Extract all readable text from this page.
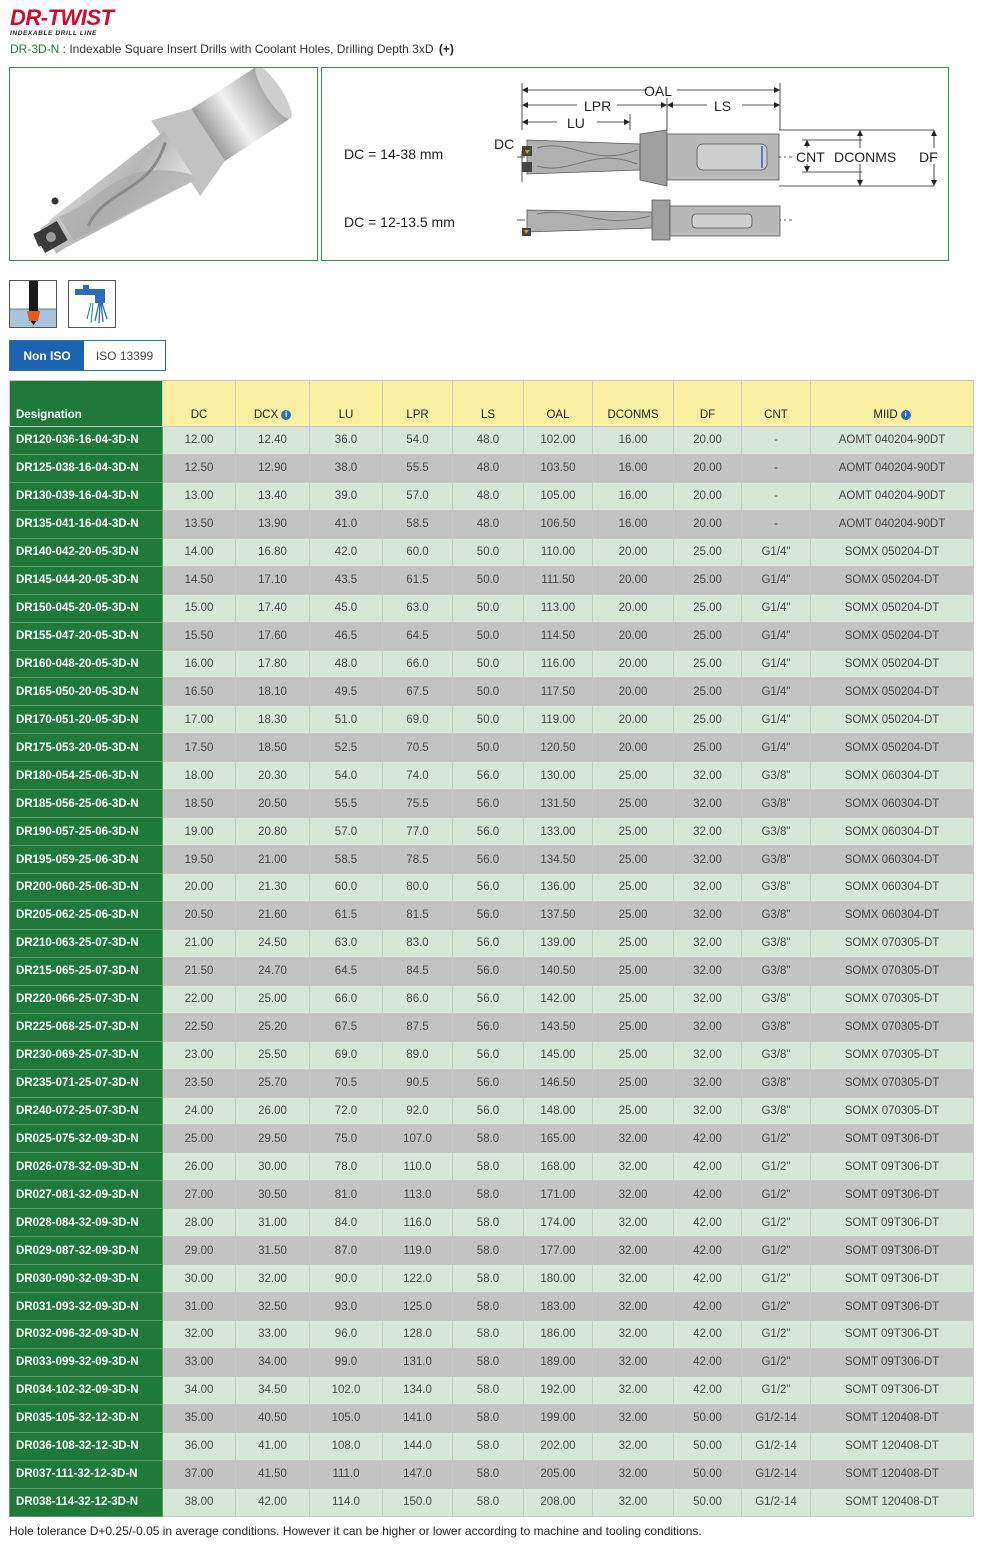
DR-TWIST
INDEXABLE DRILL LINE
DR-3D-N : Indexable Square Insert Drills with Coolant Holes, Drilling Depth 3xD (+)
DC = 14-38 mm
DC = 12-13.5 mm
OAL
LPR	LS
LU
DC
CNT DCONMS DF
Non ISO	ISO 13399
Designation	DC	DCX i	LU	LPR	LS	OAL	DCONMS	DF	CNT	MIID i
DR120-036-16-04-3D-N	12.00	12.40	36.0	54.0	48.0	102.00	16.00	20.00	-	AOMT 040204-90DT
DR125-038-16-04-3D-N	12.50	12.90	38.0	55.5	48.0	103.50	16.00	20.00	-	AOMT 040204-90DT
DR130-039-16-04-3D-N	13.00	13.40	39.0	57.0	48.0	105.00	16.00	20.00	-	AOMT 040204-90DT
DR135-041-16-04-3D-N	13.50	13.90	41.0	58.5	48.0	106.50	16.00	20.00	-	AOMT 040204-90DT
DR140-042-20-05-3D-N	14.00	16.80	42.0	60.0	50.0	110.00	20.00	25.00	G1/4"	SOMX 050204-DT
DR145-044-20-05-3D-N	14.50	17.10	43.5	61.5	50.0	111.50	20.00	25.00	G1/4"	SOMX 050204-DT
DR150-045-20-05-3D-N	15.00	17.40	45.0	63.0	50.0	113.00	20.00	25.00	G1/4"	SOMX 050204-DT
DR155-047-20-05-3D-N	15.50	17.60	46.5	64.5	50.0	114.50	20.00	25.00	G1/4"	SOMX 050204-DT
DR160-048-20-05-3D-N	16.00	17.80	48.0	66.0	50.0	116.00	20.00	25.00	G1/4"	SOMX 050204-DT
DR165-050-20-05-3D-N	16.50	18.10	49.5	67.5	50.0	117.50	20.00	25.00	G1/4"	SOMX 050204-DT
DR170-051-20-05-3D-N	17.00	18.30	51.0	69.0	50.0	119.00	20.00	25.00	G1/4"	SOMX 050204-DT
DR175-053-20-05-3D-N	17.50	18.50	52.5	70.5	50.0	120.50	20.00	25.00	G1/4"	SOMX 050204-DT
DR180-054-25-06-3D-N	18.00	20.30	54.0	74.0	56.0	130.00	25.00	32.00	G3/8"	SOMX 060304-DT
DR185-056-25-06-3D-N	18.50	20.50	55.5	75.5	56.0	131.50	25.00	32.00	G3/8"	SOMX 060304-DT
DR190-057-25-06-3D-N	19.00	20.80	57.0	77.0	56.0	133.00	25.00	32.00	G3/8"	SOMX 060304-DT
DR195-059-25-06-3D-N	19.50	21.00	58.5	78.5	56.0	134.50	25.00	32.00	G3/8"	SOMX 060304-DT
DR200-060-25-06-3D-N	20.00	21.30	60.0	80.0	56.0	136.00	25.00	32.00	G3/8"	SOMX 060304-DT
DR205-062-25-06-3D-N	20.50	21.60	61.5	81.5	56.0	137.50	25.00	32.00	G3/8"	SOMX 060304-DT
DR210-063-25-07-3D-N	21.00	24.50	63.0	83.0	56.0	139.00	25.00	32.00	G3/8"	SOMX 070305-DT
DR215-065-25-07-3D-N	21.50	24.70	64.5	84.5	56.0	140.50	25.00	32.00	G3/8"	SOMX 070305-DT
DR220-066-25-07-3D-N	22.00	25.00	66.0	86.0	56.0	142.00	25.00	32.00	G3/8"	SOMX 070305-DT
DR225-068-25-07-3D-N	22.50	25.20	67.5	87.5	56.0	143.50	25.00	32.00	G3/8"	SOMX 070305-DT
DR230-069-25-07-3D-N	23.00	25.50	69.0	89.0	56.0	145.00	25.00	32.00	G3/8"	SOMX 070305-DT
DR235-071-25-07-3D-N	23.50	25.70	70.5	90.5	56.0	146.50	25.00	32.00	G3/8"	SOMX 070305-DT
DR240-072-25-07-3D-N	24.00	26.00	72.0	92.0	56.0	148.00	25.00	32.00	G3/8"	SOMX 070305-DT
DR025-075-32-09-3D-N	25.00	29.50	75.0	107.0	58.0	165.00	32.00	42.00	G1/2"	SOMT 09T306-DT
DR026-078-32-09-3D-N	26.00	30.00	78.0	110.0	58.0	168.00	32.00	42.00	G1/2"	SOMT 09T306-DT
DR027-081-32-09-3D-N	27.00	30.50	81.0	113.0	58.0	171.00	32.00	42.00	G1/2"	SOMT 09T306-DT
DR028-084-32-09-3D-N	28.00	31.00	84.0	116.0	58.0	174.00	32.00	42.00	G1/2"	SOMT 09T306-DT
DR029-087-32-09-3D-N	29.00	31.50	87.0	119.0	58.0	177.00	32.00	42.00	G1/2"	SOMT 09T306-DT
DR030-090-32-09-3D-N	30.00	32.00	90.0	122.0	58.0	180.00	32.00	42.00	G1/2"	SOMT 09T306-DT
DR031-093-32-09-3D-N	31.00	32.50	93.0	125.0	58.0	183.00	32.00	42.00	G1/2"	SOMT 09T306-DT
DR032-096-32-09-3D-N	32.00	33.00	96.0	128.0	58.0	186.00	32.00	42.00	G1/2"	SOMT 09T306-DT
DR033-099-32-09-3D-N	33.00	34.00	99.0	131.0	58.0	189.00	32.00	42.00	G1/2"	SOMT 09T306-DT
DR034-102-32-09-3D-N	34.00	34.50	102.0	134.0	58.0	192.00	32.00	42.00	G1/2"	SOMT 09T306-DT
DR035-105-32-12-3D-N	35.00	40.50	105.0	141.0	58.0	199.00	32.00	50.00	G1/2-14	SOMT 120408-DT
DR036-108-32-12-3D-N	36.00	41.00	108.0	144.0	58.0	202.00	32.00	50.00	G1/2-14	SOMT 120408-DT
DR037-111-32-12-3D-N	37.00	41.50	111.0	147.0	58.0	205.00	32.00	50.00	G1/2-14	SOMT 120408-DT
DR038-114-32-12-3D-N	38.00	42.00	114.0	150.0	58.0	208.00	32.00	50.00	G1/2-14	SOMT 120408-DT
Hole tolerance D+0.25/-0.05 in average conditions. However it can be higher or lower according to machine and tooling conditions.
